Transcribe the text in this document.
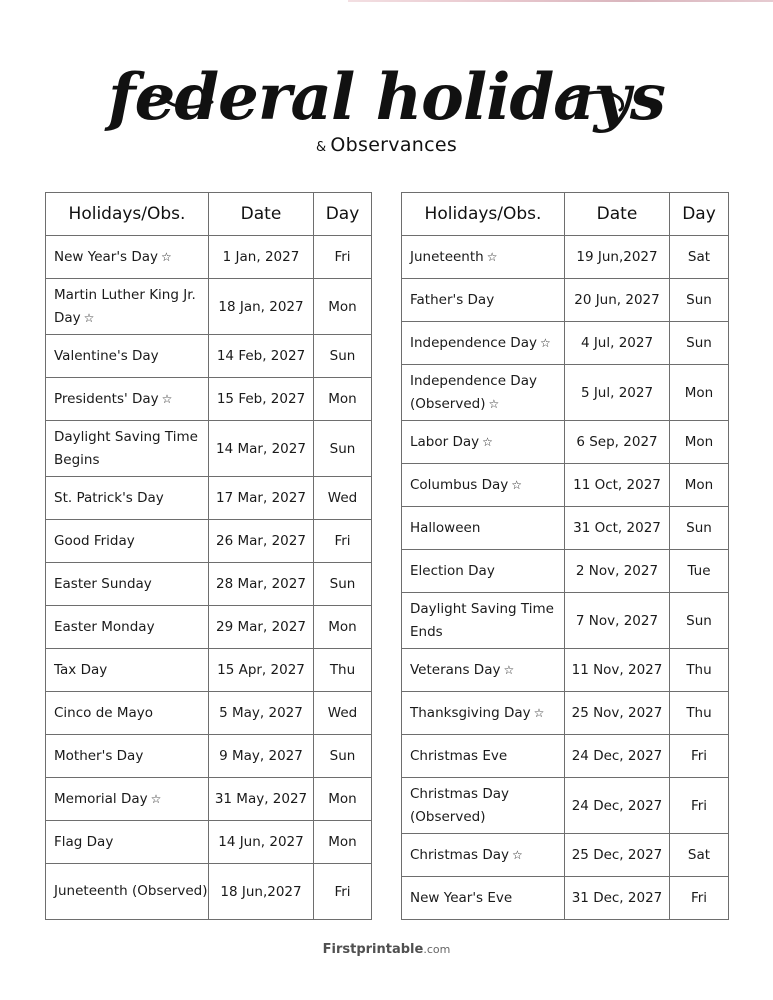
federal holidays
& Observances
Holidays/Obs.	Date	Day

New Year's Day ☆	1 Jan, 2027	Fri

Martin Luther King Jr. Day ☆	18 Jan, 2027	Mon

Valentine's Day	14 Feb, 2027	Sun

Presidents' Day ☆	15 Feb, 2027	Mon

Daylight Saving Time Begins	14 Mar, 2027	Sun

St. Patrick's Day	17 Mar, 2027	Wed

Good Friday	26 Mar, 2027	Fri

Easter Sunday	28 Mar, 2027	Sun

Easter Monday	29 Mar, 2027	Mon

Tax Day	15 Apr, 2027	Thu

Cinco de Mayo	5 May, 2027	Wed

Mother's Day	9 May, 2027	Sun

Memorial Day ☆	31 May, 2027	Mon

Flag Day	14 Jun, 2027	Mon

Juneteenth (Observed)	18 Jun,2027	Fri
Holidays/Obs.	Date	Day

Juneteenth ☆	19 Jun,2027	Sat

Father's Day	20 Jun, 2027	Sun

Independence Day ☆	4 Jul, 2027	Sun

Independence Day (Observed) ☆	5 Jul, 2027	Mon

Labor Day ☆	6 Sep, 2027	Mon

Columbus Day ☆	11 Oct, 2027	Mon

Halloween	31 Oct, 2027	Sun

Election Day	2 Nov, 2027	Tue

Daylight Saving Time Ends	7 Nov, 2027	Sun

Veterans Day ☆	11 Nov, 2027	Thu

Thanksgiving Day ☆	25 Nov, 2027	Thu

Christmas Eve	24 Dec, 2027	Fri

Christmas Day (Observed)	24 Dec, 2027	Fri

Christmas Day ☆	25 Dec, 2027	Sat

New Year's Eve	31 Dec, 2027	Fri
Firstprintable.com
